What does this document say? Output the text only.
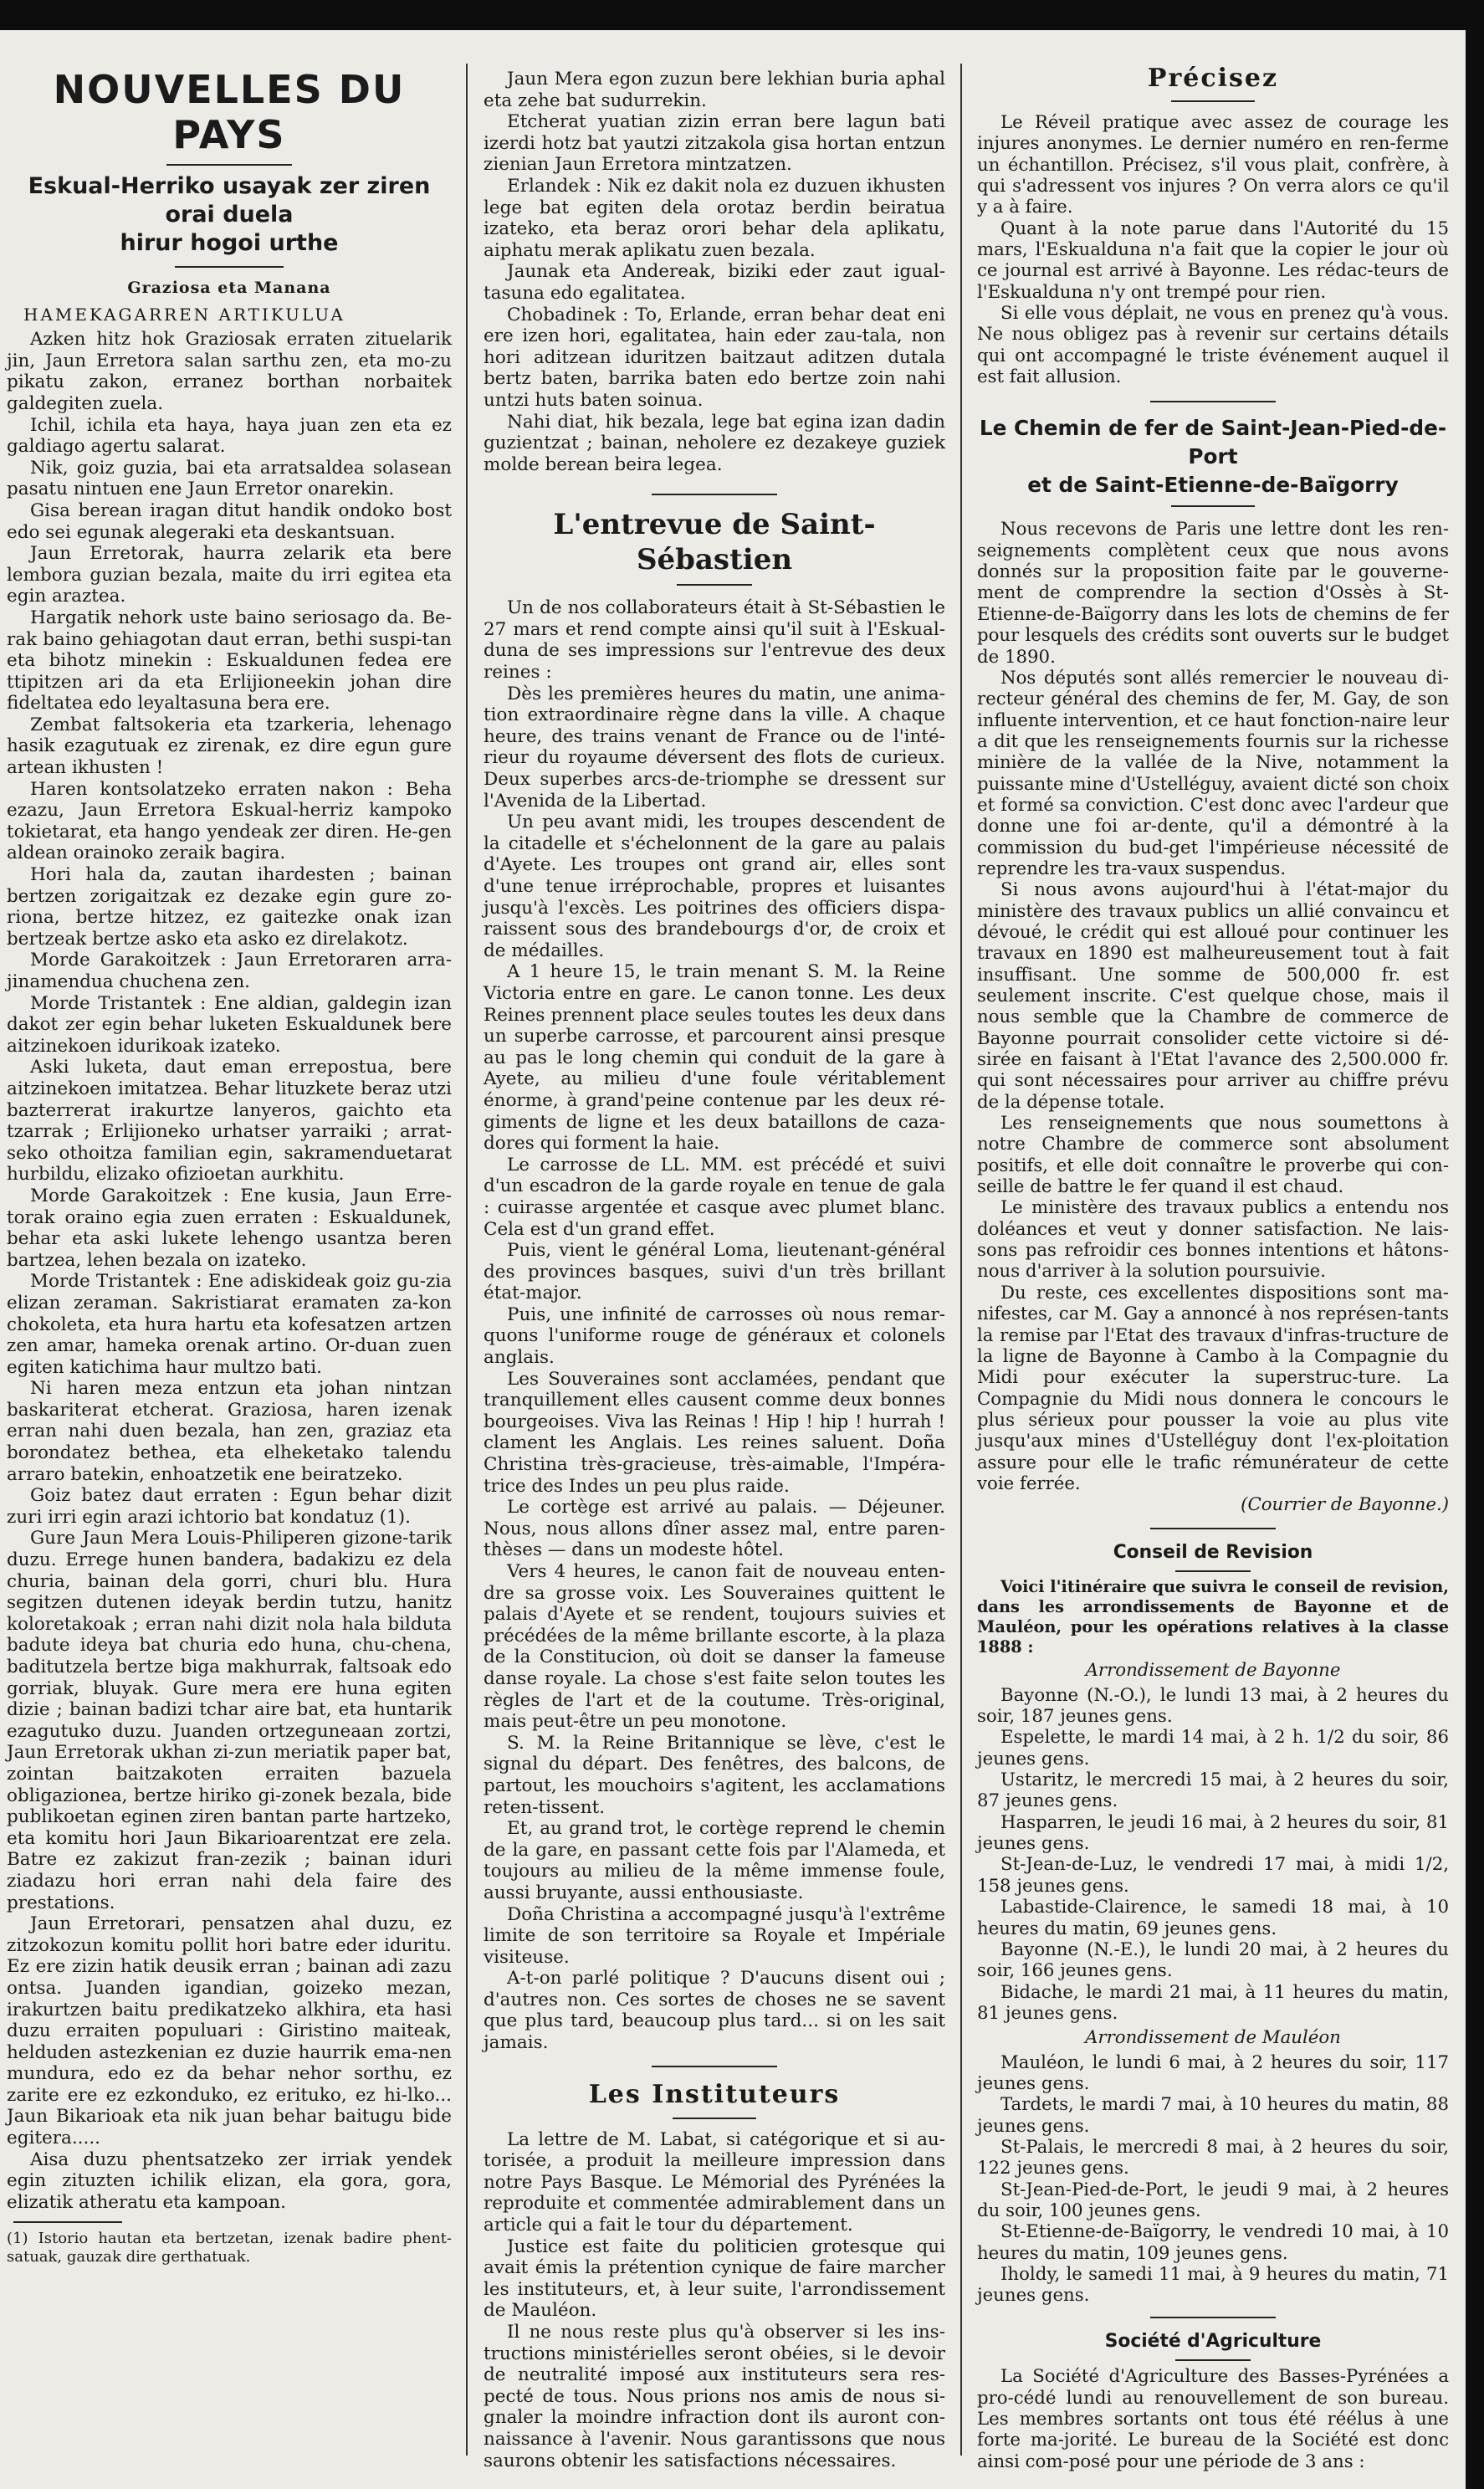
NOUVELLES DU PAYS

Eskual-Herriko usayak zer ziren orai duela

hirur hogoi urthe

Graziosa eta Manana

HAMEKAGARREN ARTIKULUA

Azken hitz hok Graziosak erraten zituelarik jin, Jaun Erretora salan sarthu zen, eta mo-zu pikatu zakon, erranez borthan norbaitek galdegiten zuela.

Ichil, ichila eta haya, haya juan zen eta ez galdiago agertu salarat.

Nik, goiz guzia, bai eta arratsaldea solasean pasatu nintuen ene Jaun Erretor onarekin.

Gisa berean iragan ditut handik ondoko bost edo sei egunak alegeraki eta deskantsuan.

Jaun Erretorak, haurra zelarik eta bere lembora guzian bezala, maite du irri egitea eta egin araztea.

Hargatik nehork uste baino seriosago da. Be-rak baino gehiagotan daut erran, bethi suspi-tan eta bihotz minekin : Eskualdunen fedea ere ttipitzen ari da eta Erlijioneekin johan dire fideltatea edo leyaltasuna bera ere.

Zembat faltsokeria eta tzarkeria, lehenago hasik ezagutuak ez zirenak, ez dire egun gure artean ikhusten !

Haren kontsolatzeko erraten nakon : Beha ezazu, Jaun Erretora Eskual-herriz kampoko tokietarat, eta hango yendeak zer diren. He-gen aldean orainoko zeraik bagira.

Hori hala da, zautan ihardesten ; bainan bertzen zorigaitzak ez dezake egin gure zo-riona, bertze hitzez, ez gaitezke onak izan bertzeak bertze asko eta asko ez direlakotz.

Morde Garakoitzek : Jaun Erretoraren arra-jinamendua chuchena zen.

Morde Tristantek : Ene aldian, galdegin izan dakot zer egin behar luketen Eskualdunek bere aitzinekoen idurikoak izateko.

Aski luketa, daut eman errepostua, bere aitzinekoen imitatzea. Behar lituzkete beraz utzi bazterrerat irakurtze lanyeros, gaichto eta tzarrak ; Erlijioneko urhatser yarraiki ; arrat-seko othoitza familian egin, sakramenduetarat hurbildu, elizako ofizioetan aurkhitu.

Morde Garakoitzek : Ene kusia, Jaun Erre-torak oraino egia zuen erraten : Eskualdunek, behar eta aski lukete lehengo usantza beren bartzea, lehen bezala on izateko.

Morde Tristantek : Ene adiskideak goiz gu-zia elizan zeraman. Sakristiarat eramaten za-kon chokoleta, eta hura hartu eta kofesatzen artzen zen amar, hameka orenak artino. Or-duan zuen egiten katichima haur multzo bati.

Ni haren meza entzun eta johan nintzan baskariterat etcherat. Graziosa, haren izenak erran nahi duen bezala, han zen, graziaz eta borondatez bethea, eta elheketako talendu arraro batekin, enhoatzetik ene beiratzeko.

Goiz batez daut erraten : Egun behar dizit zuri irri egin arazi ichtorio bat kondatuz (1).

Gure Jaun Mera Louis-Philiperen gizone-tarik duzu. Errege hunen bandera, badakizu ez dela churia, bainan dela gorri, churi blu. Hura segitzen dutenen ideyak berdin tutzu, hanitz koloretakoak ; erran nahi dizit nola hala bilduta badute ideya bat churia edo huna, chu-chena, baditutzela bertze biga makhurrak, faltsoak edo gorriak, bluyak. Gure mera ere huna egiten dizie ; bainan badizi tchar aire bat, eta huntarik ezagutuko duzu. Juanden ortzeguneaan zortzi, Jaun Erretorak ukhan zi-zun meriatik paper bat, zointan baitzakoten erraiten bazuela obligazionea, bertze hiriko gi-zonek bezala, bide publikoetan eginen ziren bantan parte hartzeko, eta komitu hori Jaun Bikarioarentzat ere zela. Batre ez zakizut fran-zezik ; bainan iduri ziadazu hori erran nahi dela faire des prestations.

Jaun Erretorari, pensatzen ahal duzu, ez zitzokozun komitu pollit hori batre eder iduritu. Ez ere zizin hatik deusik erran ; bainan adi zazu ontsa. Juanden igandian, goizeko mezan, irakurtzen baitu predikatzeko alkhira, eta hasi duzu erraiten populuari : Giristino maiteak, helduden astezkenian ez duzie haurrik ema-nen mundura, edo ez da behar nehor sorthu, ez zarite ere ez ezkonduko, ez erituko, ez hi-lko... Jaun Bikarioak eta nik juan behar baitugu bide egitera.....

Aisa duzu phentsatzeko zer irriak yendek egin zituzten ichilik elizan, ela gora, gora, elizatik atheratu eta kampoan.

(1) Istorio hautan eta bertzetan, izenak badire phent-satuak, gauzak dire gerthatuak.

Jaun Mera egon zuzun bere lekhian buria aphal eta zehe bat sudurrekin.

Etcherat yuatian zizin erran bere lagun bati izerdi hotz bat yautzi zitzakola gisa hortan entzun zienian Jaun Erretora mintzatzen.

Erlandek : Nik ez dakit nola ez duzuen ikhusten lege bat egiten dela orotaz berdin beiratua izateko, eta beraz orori behar dela aplikatu, aiphatu merak aplikatu zuen bezala.

Jaunak eta Andereak, biziki eder zaut igual-tasuna edo egalitatea.

Chobadinek : To, Erlande, erran behar deat eni ere izen hori, egalitatea, hain eder zau-tala, non hori aditzean iduritzen baitzaut aditzen dutala bertz baten, barrika baten edo bertze zoin nahi untzi huts baten soinua.

Nahi diat, hik bezala, lege bat egina izan dadin guzientzat ; bainan, neholere ez dezakeye guziek molde berean beira legea.

L'entrevue de Saint-Sébastien

Un de nos collaborateurs était à St-Sébastien le 27 mars et rend compte ainsi qu'il suit à l'Eskual-duna de ses impressions sur l'entrevue des deux reines :

Dès les premières heures du matin, une anima-tion extraordinaire règne dans la ville. A chaque heure, des trains venant de France ou de l'inté-rieur du royaume déversent des flots de curieux. Deux superbes arcs-de-triomphe se dressent sur l'Avenida de la Libertad.

Un peu avant midi, les troupes descendent de la citadelle et s'échelonnent de la gare au palais d'Ayete. Les troupes ont grand air, elles sont d'une tenue irréprochable, propres et luisantes jusqu'à l'excès. Les poitrines des officiers dispa-raissent sous des brandebourgs d'or, de croix et de médailles.

A 1 heure 15, le train menant S. M. la Reine Victoria entre en gare. Le canon tonne. Les deux Reines prennent place seules toutes les deux dans un superbe carrosse, et parcourent ainsi presque au pas le long chemin qui conduit de la gare à Ayete, au milieu d'une foule véritablement énorme, à grand'peine contenue par les deux ré-giments de ligne et les deux bataillons de caza-dores qui forment la haie.

Le carrosse de LL. MM. est précédé et suivi d'un escadron de la garde royale en tenue de gala : cuirasse argentée et casque avec plumet blanc. Cela est d'un grand effet.

Puis, vient le général Loma, lieutenant-général des provinces basques, suivi d'un très brillant état-major.

Puis, une infinité de carrosses où nous remar-quons l'uniforme rouge de généraux et colonels anglais.

Les Souveraines sont acclamées, pendant que tranquillement elles causent comme deux bonnes bourgeoises. Viva las Reinas ! Hip ! hip ! hurrah ! clament les Anglais. Les reines saluent. Doña Christina très-gracieuse, très-aimable, l'Impéra-trice des Indes un peu plus raide.

Le cortège est arrivé au palais. — Déjeuner. Nous, nous allons dîner assez mal, entre paren-thèses — dans un modeste hôtel.

Vers 4 heures, le canon fait de nouveau enten-dre sa grosse voix. Les Souveraines quittent le palais d'Ayete et se rendent, toujours suivies et précédées de la même brillante escorte, à la plaza de la Constitucion, où doit se danser la fameuse danse royale. La chose s'est faite selon toutes les règles de l'art et de la coutume. Très-original, mais peut-être un peu monotone.

S. M. la Reine Britannique se lève, c'est le signal du départ. Des fenêtres, des balcons, de partout, les mouchoirs s'agitent, les acclamations reten-tissent.

Et, au grand trot, le cortège reprend le chemin de la gare, en passant cette fois par l'Alameda, et toujours au milieu de la même immense foule, aussi bruyante, aussi enthousiaste.

Doña Christina a accompagné jusqu'à l'extrême limite de son territoire sa Royale et Impériale visiteuse.

A-t-on parlé politique ? D'aucuns disent oui ; d'autres non. Ces sortes de choses ne se savent que plus tard, beaucoup plus tard... si on les sait jamais.

Les Instituteurs

La lettre de M. Labat, si catégorique et si au-torisée, a produit la meilleure impression dans notre Pays Basque. Le Mémorial des Pyrénées la reproduite et commentée admirablement dans un article qui a fait le tour du département.

Justice est faite du politicien grotesque qui avait émis la prétention cynique de faire marcher les instituteurs, et, à leur suite, l'arrondissement de Mauléon.

Il ne nous reste plus qu'à observer si les ins-tructions ministérielles seront obéies, si le devoir de neutralité imposé aux instituteurs sera res-pecté de tous. Nous prions nos amis de nous si-gnaler la moindre infraction dont ils auront con-naissance à l'avenir. Nous garantissons que nous saurons obtenir les satisfactions nécessaires.

Précisez

Le Réveil pratique avec assez de courage les injures anonymes. Le dernier numéro en ren-ferme un échantillon. Précisez, s'il vous plait, confrère, à qui s'adressent vos injures ? On verra alors ce qu'il y a à faire.

Quant à la note parue dans l'Autorité du 15 mars, l'Eskualduna n'a fait que la copier le jour où ce journal est arrivé à Bayonne. Les rédac-teurs de l'Eskualduna n'y ont trempé pour rien.

Si elle vous déplait, ne vous en prenez qu'à vous. Ne nous obligez pas à revenir sur certains détails qui ont accompagné le triste événement auquel il est fait allusion.

Le Chemin de fer de Saint-Jean-Pied-de-Port

et de Saint-Etienne-de-Baïgorry

Nous recevons de Paris une lettre dont les ren-seignements complètent ceux que nous avons donnés sur la proposition faite par le gouverne-ment de comprendre la section d'Ossès à St-Etienne-de-Baïgorry dans les lots de chemins de fer pour lesquels des crédits sont ouverts sur le budget de 1890.

Nos députés sont allés remercier le nouveau di-recteur général des chemins de fer, M. Gay, de son influente intervention, et ce haut fonction-naire leur a dit que les renseignements fournis sur la richesse minière de la vallée de la Nive, notamment la puissante mine d'Ustelléguy, avaient dicté son choix et formé sa conviction. C'est donc avec l'ardeur que donne une foi ar-dente, qu'il a démontré à la commission du bud-get l'impérieuse nécessité de reprendre les tra-vaux suspendus.

Si nous avons aujourd'hui à l'état-major du ministère des travaux publics un allié convaincu et dévoué, le crédit qui est alloué pour continuer les travaux en 1890 est malheureusement tout à fait insuffisant. Une somme de 500,000 fr. est seulement inscrite. C'est quelque chose, mais il nous semble que la Chambre de commerce de Bayonne pourrait consolider cette victoire si dé-sirée en faisant à l'Etat l'avance des 2,500.000 fr. qui sont nécessaires pour arriver au chiffre prévu de la dépense totale.

Les renseignements que nous soumettons à notre Chambre de commerce sont absolument positifs, et elle doit connaître le proverbe qui con-seille de battre le fer quand il est chaud.

Le ministère des travaux publics a entendu nos doléances et veut y donner satisfaction. Ne lais-sons pas refroidir ces bonnes intentions et hâtons-nous d'arriver à la solution poursuivie.

Du reste, ces excellentes dispositions sont ma-nifestes, car M. Gay a annoncé à nos représen-tants la remise par l'Etat des travaux d'infras-tructure de la ligne de Bayonne à Cambo à la Compagnie du Midi pour exécuter la superstruc-ture. La Compagnie du Midi nous donnera le concours le plus sérieux pour pousser la voie au plus vite jusqu'aux mines d'Ustelléguy dont l'ex-ploitation assure pour elle le trafic rémunérateur de cette voie ferrée.

(Courrier de Bayonne.)

Conseil de Revision

Voici l'itinéraire que suivra le conseil de revision, dans les arrondissements de Bayonne et de Mauléon, pour les opérations relatives à la classe 1888 :

Arrondissement de Bayonne

Bayonne (N.-O.), le lundi 13 mai, à 2 heures du soir, 187 jeunes gens.

Espelette, le mardi 14 mai, à 2 h. 1/2 du soir, 86 jeunes gens.

Ustaritz, le mercredi 15 mai, à 2 heures du soir, 87 jeunes gens.

Hasparren, le jeudi 16 mai, à 2 heures du soir, 81 jeunes gens.

St-Jean-de-Luz, le vendredi 17 mai, à midi 1/2, 158 jeunes gens.

Labastide-Clairence, le samedi 18 mai, à 10 heures du matin, 69 jeunes gens.

Bayonne (N.-E.), le lundi 20 mai, à 2 heures du soir, 166 jeunes gens.

Bidache, le mardi 21 mai, à 11 heures du matin, 81 jeunes gens.

Arrondissement de Mauléon

Mauléon, le lundi 6 mai, à 2 heures du soir, 117 jeunes gens.

Tardets, le mardi 7 mai, à 10 heures du matin, 88 jeunes gens.

St-Palais, le mercredi 8 mai, à 2 heures du soir, 122 jeunes gens.

St-Jean-Pied-de-Port, le jeudi 9 mai, à 2 heures du soir, 100 jeunes gens.

St-Etienne-de-Baïgorry, le vendredi 10 mai, à 10 heures du matin, 109 jeunes gens.

Iholdy, le samedi 11 mai, à 9 heures du matin, 71 jeunes gens.

Société d'Agriculture

La Société d'Agriculture des Basses-Pyrénées a pro-cédé lundi au renouvellement de son bureau. Les membres sortants ont tous été réélus à une forte ma-jorité. Le bureau de la Société est donc ainsi com-posé pour une période de 3 ans :
